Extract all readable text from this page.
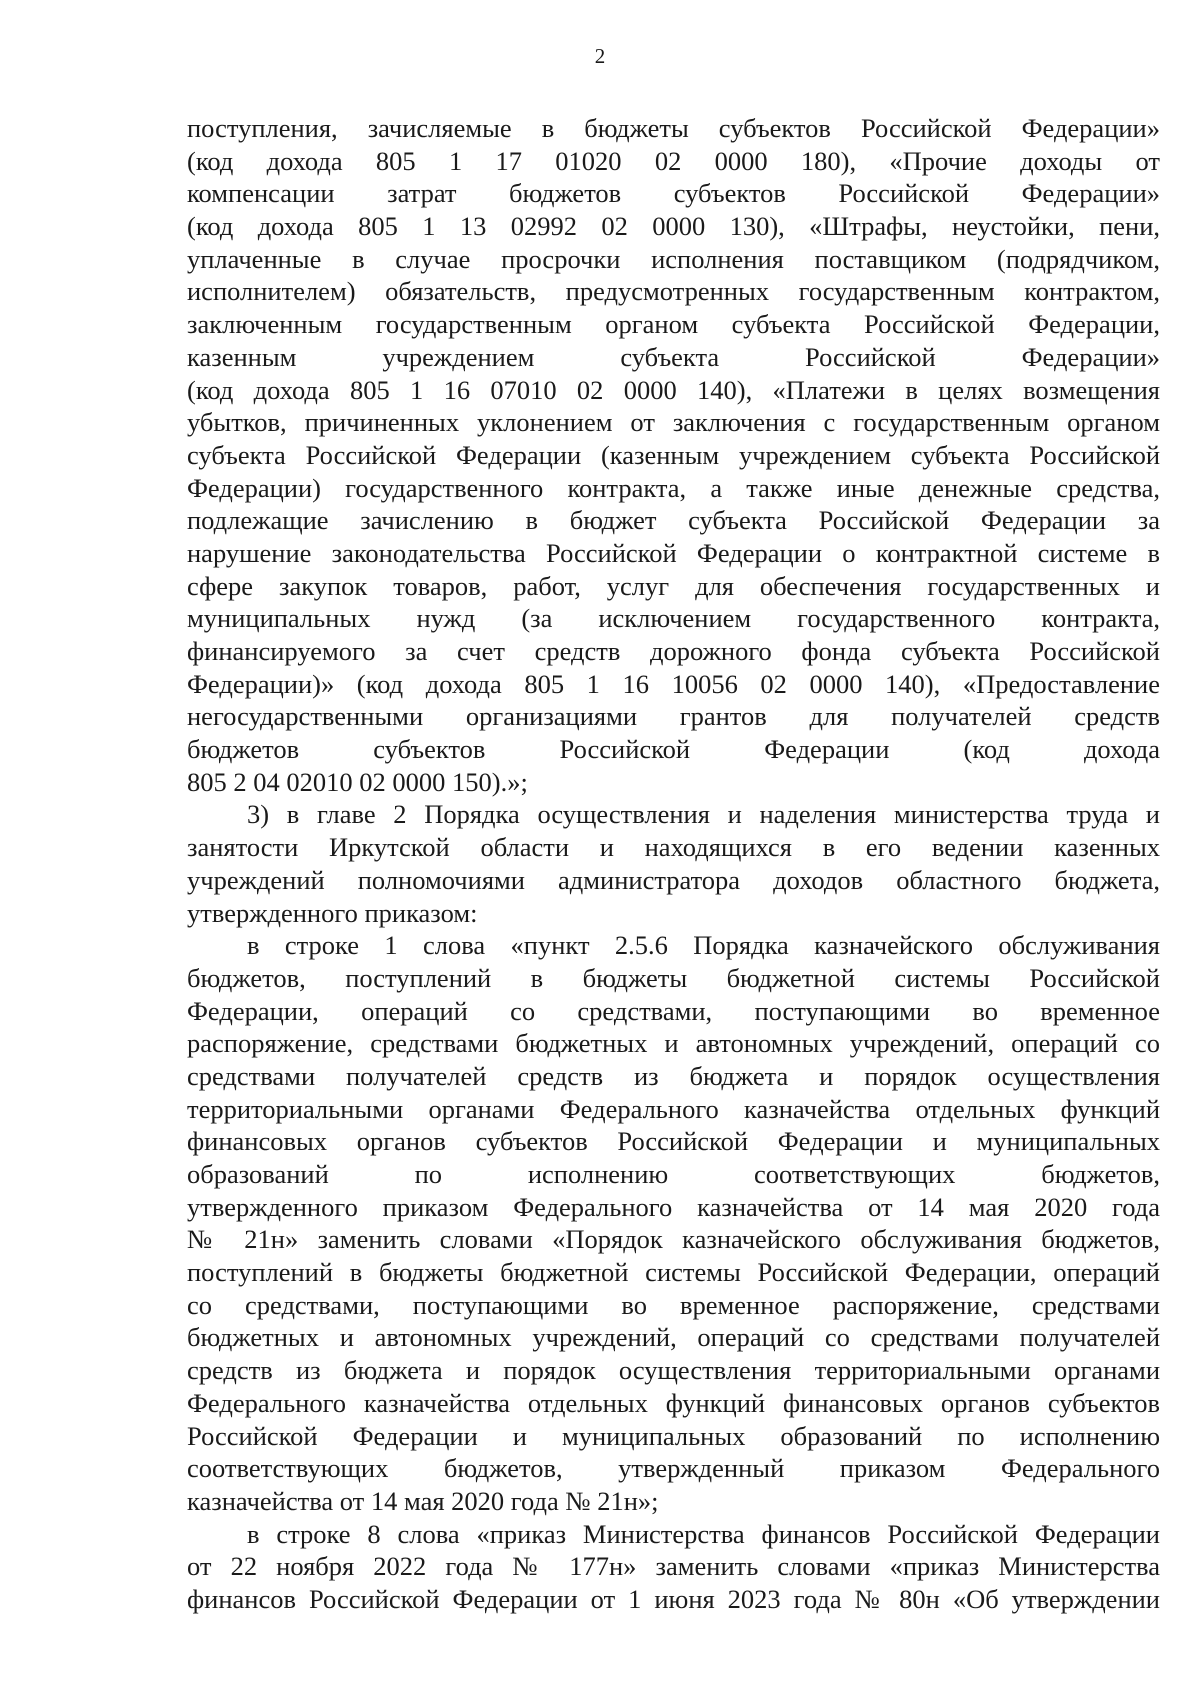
2
поступления, зачисляемые в бюджеты субъектов Российской Федерации»
(код дохода 805 1 17 01020 02 0000 180), «Прочие доходы от
компенсации затрат бюджетов субъектов Российской Федерации»
(код дохода 805 1 13 02992 02 0000 130), «Штрафы, неустойки, пени,
уплаченные в случае просрочки исполнения поставщиком (подрядчиком,
исполнителем) обязательств, предусмотренных государственным контрактом,
заключенным государственным органом субъекта Российской Федерации,
казенным учреждением субъекта Российской Федерации»
(код дохода 805 1 16 07010 02 0000 140), «Платежи в целях возмещения
убытков, причиненных уклонением от заключения с государственным органом
субъекта Российской Федерации (казенным учреждением субъекта Российской
Федерации) государственного контракта, а также иные денежные средства,
подлежащие зачислению в бюджет субъекта Российской Федерации за
нарушение законодательства Российской Федерации о контрактной системе в
сфере закупок товаров, работ, услуг для обеспечения государственных и
муниципальных нужд (за исключением государственного контракта,
финансируемого за счет средств дорожного фонда субъекта Российской
Федерации)» (код дохода 805 1 16 10056 02 0000 140), «Предоставление
негосударственными организациями грантов для получателей средств
бюджетов субъектов Российской Федерации (код дохода
805 2 04 02010 02 0000 150).»;
3) в главе 2 Порядка осуществления и наделения министерства труда и
занятости Иркутской области и находящихся в его ведении казенных
учреждений полномочиями администратора доходов областного бюджета,
утвержденного приказом:
в строке 1 слова «пункт 2.5.6 Порядка казначейского обслуживания
бюджетов, поступлений в бюджеты бюджетной системы Российской
Федерации, операций со средствами, поступающими во временное
распоряжение, средствами бюджетных и автономных учреждений, операций со
средствами получателей средств из бюджета и порядок осуществления
территориальными органами Федерального казначейства отдельных функций
финансовых органов субъектов Российской Федерации и муниципальных
образований по исполнению соответствующих бюджетов,
утвержденного приказом Федерального казначейства от 14 мая 2020 года
№ 21н» заменить словами «Порядок казначейского обслуживания бюджетов,
поступлений в бюджеты бюджетной системы Российской Федерации, операций
со средствами, поступающими во временное распоряжение, средствами
бюджетных и автономных учреждений, операций со средствами получателей
средств из бюджета и порядок осуществления территориальными органами
Федерального казначейства отдельных функций финансовых органов субъектов
Российской Федерации и муниципальных образований по исполнению
соответствующих бюджетов, утвержденный приказом Федерального
казначейства от 14 мая 2020 года № 21н»;
в строке 8 слова «приказ Министерства финансов Российской Федерации
от 22 ноября 2022 года № 177н» заменить словами «приказ Министерства
финансов Российской Федерации от 1 июня 2023 года № 80н «Об утверждении
